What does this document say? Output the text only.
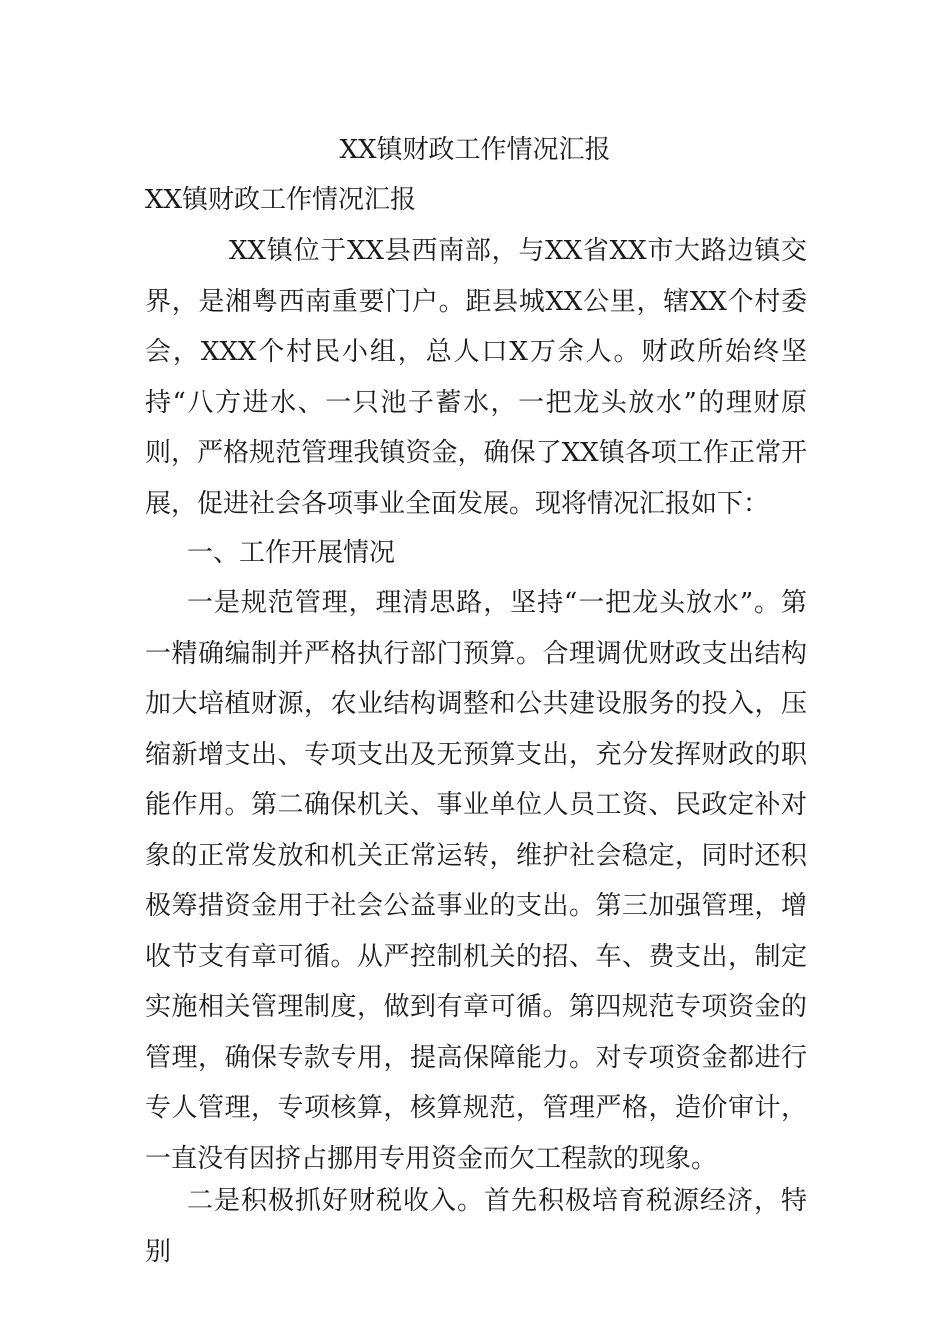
XX镇财政工作情况汇报
XX镇财政工作情况汇报

XX镇位于XX县西南部，与XX省XX市大路边镇交界，是湘粤西南重要门户。距县城XX公里，辖XX个村委会，XXX个村民小组，总人口X万余人。财政所始终坚持“八方进水、一只池子蓄水，一把龙头放水”的理财原则，严格规范管理我镇资金，确保了XX镇各项工作正常开展，促进社会各项事业全面发展。现将情况汇报如下：

一、工作开展情况

一是规范管理，理清思路，坚持“一把龙头放水”。第一精确编制并严格执行部门预算。合理调优财政支出结构加大培植财源，农业结构调整和公共建设服务的投入，压缩新增支出、专项支出及无预算支出，充分发挥财政的职能作用。第二确保机关、事业单位人员工资、民政定补对象的正常发放和机关正常运转，维护社会稳定，同时还积极筹措资金用于社会公益事业的支出。第三加强管理，增收节支有章可循。从严控制机关的招、车、费支出，制定实施相关管理制度，做到有章可循。第四规范专项资金的管理，确保专款专用，提高保障能力。对专项资金都进行专人管理，专项核算，核算规范，管理严格，造价审计，一直没有因挤占挪用专用资金而欠工程款的现象。

二是积极抓好财税收入。首先积极培育税源经济，特别
